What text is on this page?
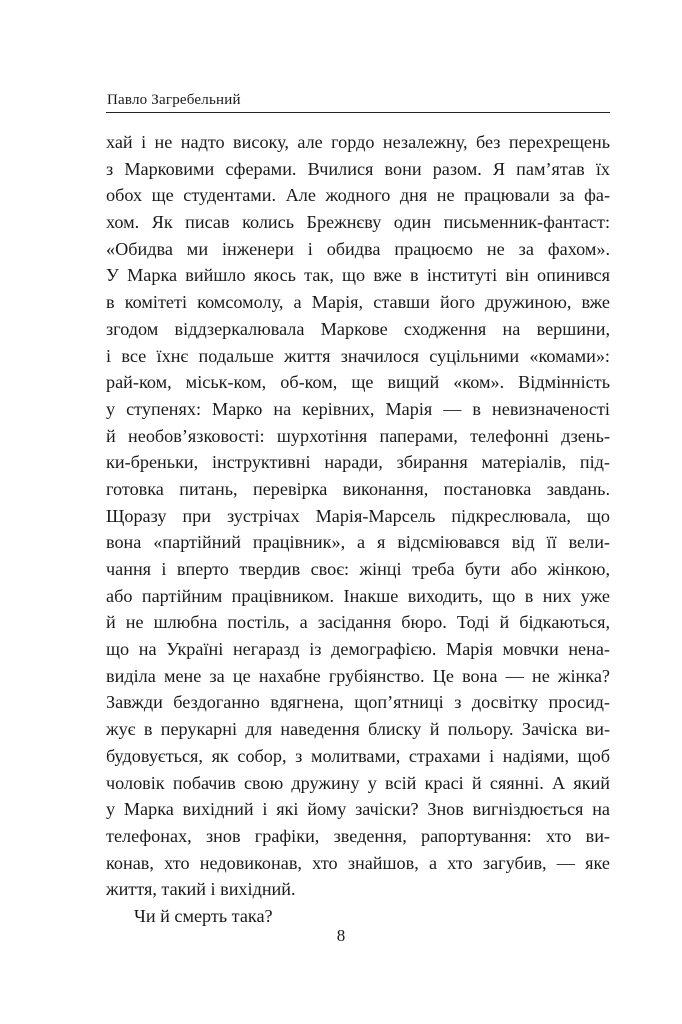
Павло Загребельний
хай і не надто високу, але гордо незалежну, без перехрещень
з Марковими сферами. Вчилися вони разом. Я пам’ятав їх
обох ще студентами. Але жодного дня не працювали за фа-
хом. Як писав колись Брежнєву один письменник-фантаст:
«Обидва ми інженери і обидва працюємо не за фахом».
У Марка вийшло якось так, що вже в інституті він опинився
в комітеті комсомолу, а Марія, ставши його дружиною, вже
згодом віддзеркалювала Маркове сходження на вершини,
і все їхнє подальше життя значилося суцільними «комами»:
рай-ком, міськ-ком, об-ком, ще вищий «ком». Відмінність
у ступенях: Марко на керівних, Марія — в невизначеності
й необов’язковості: шурхотіння паперами, телефонні дзень-
ки-бреньки, інструктивні наради, збирання матеріалів, під-
готовка питань, перевірка виконання, постановка завдань.
Щоразу при зустрічах Марія-Марсель підкреслювала, що
вона «партійний працівник», а я відсміювався від її вели-
чання і вперто твердив своє: жінці треба бути або жінкою,
або партійним працівником. Інакше виходить, що в них уже
й не шлюбна постіль, а засідання бюро. Тоді й бідкаються,
що на Україні негаразд із демографією. Марія мовчки нена-
виділа мене за це нахабне грубіянство. Це вона — не жінка?
Завжди бездоганно вдягнена, щоп’ятниці з досвітку просид-
жує в перукарні для наведення блиску й польору. Зачіска ви-
будовується, як собор, з молитвами, страхами і надіями, щоб
чоловік побачив свою дружину у всій красі й сяянні. А який
у Марка вихідний і які йому зачіски? Знов вигніздюється на
телефонах, знов графіки, зведення, рапортування: хто ви-
конав, хто недовиконав, хто знайшов, а хто загубив, — яке
життя, такий і вихідний.
Чи й смерть така?
8
